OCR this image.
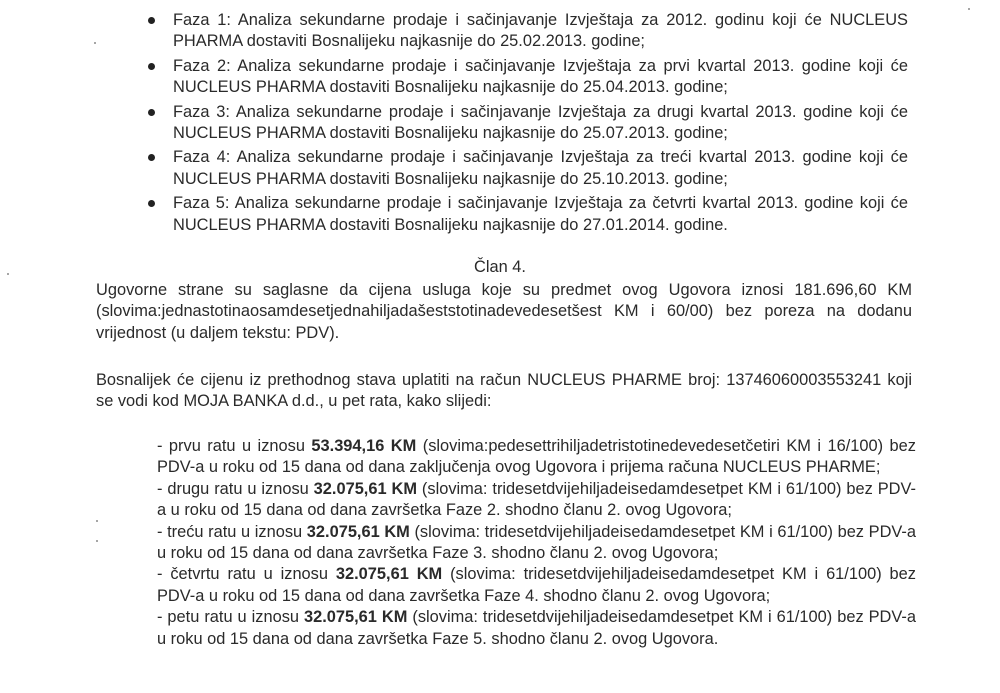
Faza 1: Analiza sekundarne prodaje i sačinjavanje Izvještaja za 2012. godinu koji će NUCLEUS PHARMA dostaviti Bosnalijeku najkasnije do 25.02.2013. godine;
Faza 2: Analiza sekundarne prodaje i sačinjavanje Izvještaja za prvi kvartal 2013. godine koji će NUCLEUS PHARMA dostaviti Bosnalijeku najkasnije do 25.04.2013. godine;
Faza 3: Analiza sekundarne prodaje i sačinjavanje Izvještaja za drugi kvartal 2013. godine koji će NUCLEUS PHARMA dostaviti Bosnalijeku najkasnije do 25.07.2013. godine;
Faza 4: Analiza sekundarne prodaje i sačinjavanje Izvještaja za treći kvartal 2013. godine koji će NUCLEUS PHARMA dostaviti Bosnalijeku najkasnije do 25.10.2013. godine;
Faza 5: Analiza sekundarne prodaje i sačinjavanje Izvještaja za četvrti kvartal 2013. godine koji će NUCLEUS PHARMA dostaviti Bosnalijeku najkasnije do 27.01.2014. godine.
Član 4.

Ugovorne strane su saglasne da cijena usluga koje su predmet ovog Ugovora iznosi 181.696,60 KM (slovima:jednastotinaosamdesetjednahiljadašeststotinadevedesetšest KM i 60/00) bez poreza na dodanu vrijednost (u daljem tekstu: PDV).

Bosnalijek će cijenu iz prethodnog stava uplatiti na račun NUCLEUS PHARME broj: 13746060003553241 koji se vodi kod MOJA BANKA d.d., u pet rata, kako slijedi:

- prvu ratu u iznosu 53.394,16 KM (slovima:pedesettrihiljadetristotinedevedesetčetiri KM i 16/100) bez PDV-a u roku od 15 dana od dana zaključenja ovog Ugovora i prijema računa NUCLEUS PHARME;
- drugu ratu u iznosu 32.075,61 KM (slovima: tridesetdvijehiljadeisedamdesetpet KM i 61/100) bez PDV-a u roku od 15 dana od dana završetka Faze 2. shodno članu 2. ovog Ugovora;
- treću ratu u iznosu 32.075,61 KM (slovima: tridesetdvijehiljadeisedamdesetpet KM i 61/100) bez PDV-a u roku od 15 dana od dana završetka Faze 3. shodno članu 2. ovog Ugovora;
- četvrtu ratu u iznosu 32.075,61 KM (slovima: tridesetdvijehiljadeisedamdesetpet KM i 61/100) bez PDV-a u roku od 15 dana od dana završetka Faze 4. shodno članu 2. ovog Ugovora;
- petu ratu u iznosu 32.075,61 KM (slovima: tridesetdvijehiljadeisedamdesetpet KM i 61/100) bez PDV-a u roku od 15 dana od dana završetka Faze 5. shodno članu 2. ovog Ugovora.
